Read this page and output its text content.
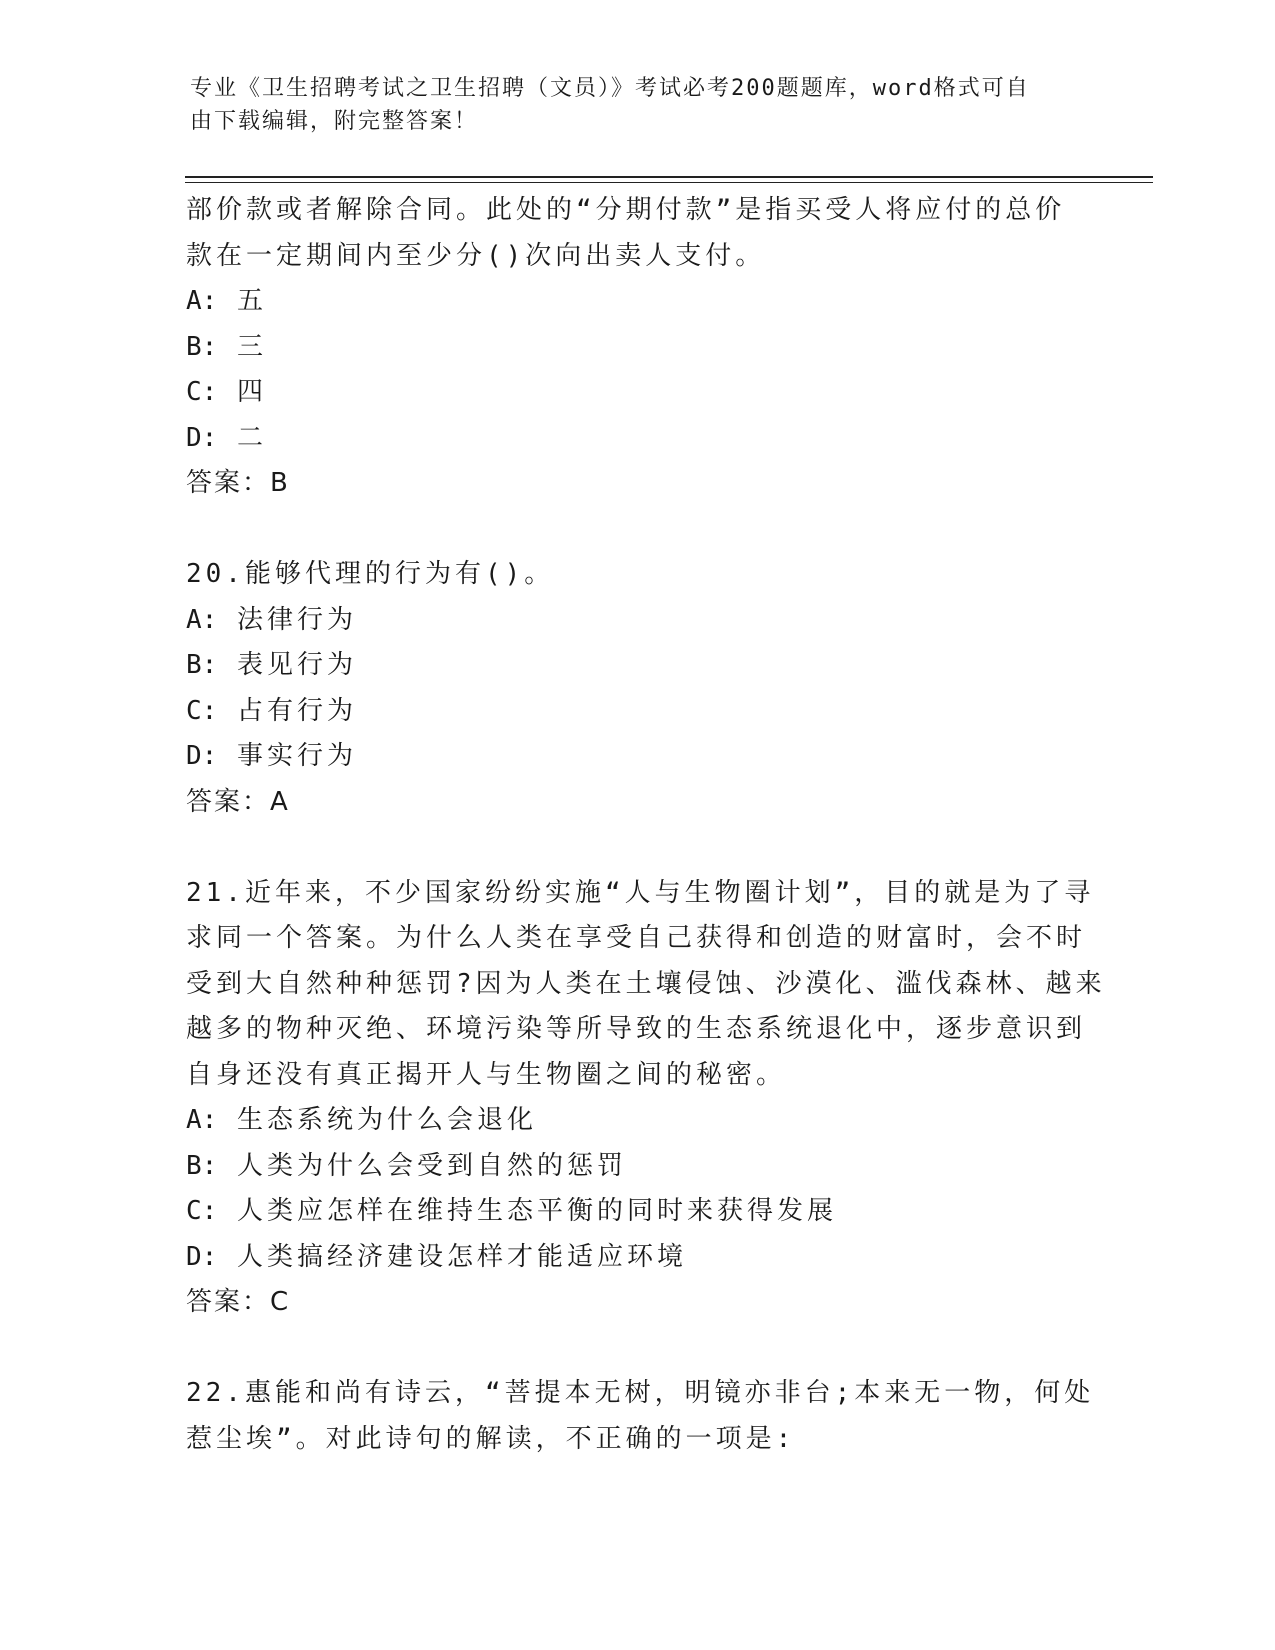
专业《卫生招聘考试之卫生招聘（文员）》考试必考200题题库，word格式可自
由下载编辑，附完整答案！
部价款或者解除合同。此处的“分期付款”是指买受人将应付的总价
款在一定期间内至少分()次向出卖人支付。
A: 五
B: 三
C: 四
D: 二
答案：B
20.能够代理的行为有()。
A: 法律行为
B: 表见行为
C: 占有行为
D: 事实行为
答案：A
21.近年来，不少国家纷纷实施“人与生物圈计划”，目的就是为了寻
求同一个答案。为什么人类在享受自己获得和创造的财富时，会不时
受到大自然种种惩罚?因为人类在土壤侵蚀、沙漠化、滥伐森林、越来
越多的物种灭绝、环境污染等所导致的生态系统退化中，逐步意识到
自身还没有真正揭开人与生物圈之间的秘密。
A: 生态系统为什么会退化
B: 人类为什么会受到自然的惩罚
C: 人类应怎样在维持生态平衡的同时来获得发展
D: 人类搞经济建设怎样才能适应环境
答案：C
22.惠能和尚有诗云，“菩提本无树，明镜亦非台;本来无一物，何处
惹尘埃”。对此诗句的解读，不正确的一项是:
